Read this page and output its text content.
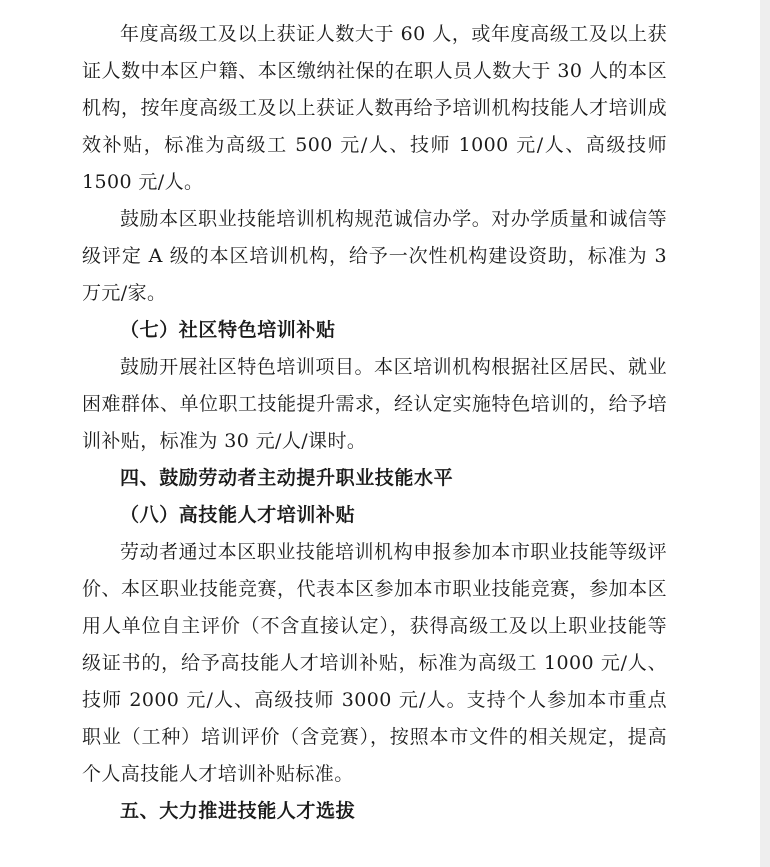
年度高级工及以上获证人数大于 60 人，或年度高级工及以上获证人数中本区户籍、本区缴纳社保的在职人员人数大于 30 人的本区机构，按年度高级工及以上获证人数再给予培训机构技能人才培训成效补贴，标准为高级工 500 元/人、技师 1000 元/人、高级技师 1500 元/人。

鼓励本区职业技能培训机构规范诚信办学。对办学质量和诚信等级评定 A 级的本区培训机构，给予一次性机构建设资助，标准为 3 万元/家。

（七）社区特色培训补贴

鼓励开展社区特色培训项目。本区培训机构根据社区居民、就业困难群体、单位职工技能提升需求，经认定实施特色培训的，给予培训补贴，标准为 30 元/人/课时。

四、鼓励劳动者主动提升职业技能水平

（八）高技能人才培训补贴

劳动者通过本区职业技能培训机构申报参加本市职业技能等级评价、本区职业技能竞赛，代表本区参加本市职业技能竞赛，参加本区用人单位自主评价（不含直接认定），获得高级工及以上职业技能等级证书的，给予高技能人才培训补贴，标准为高级工 1000 元/人、技师 2000 元/人、高级技师 3000 元/人。支持个人参加本市重点职业（工种）培训评价（含竞赛），按照本市文件的相关规定，提高个人高技能人才培训补贴标准。

五、大力推进技能人才选拔
